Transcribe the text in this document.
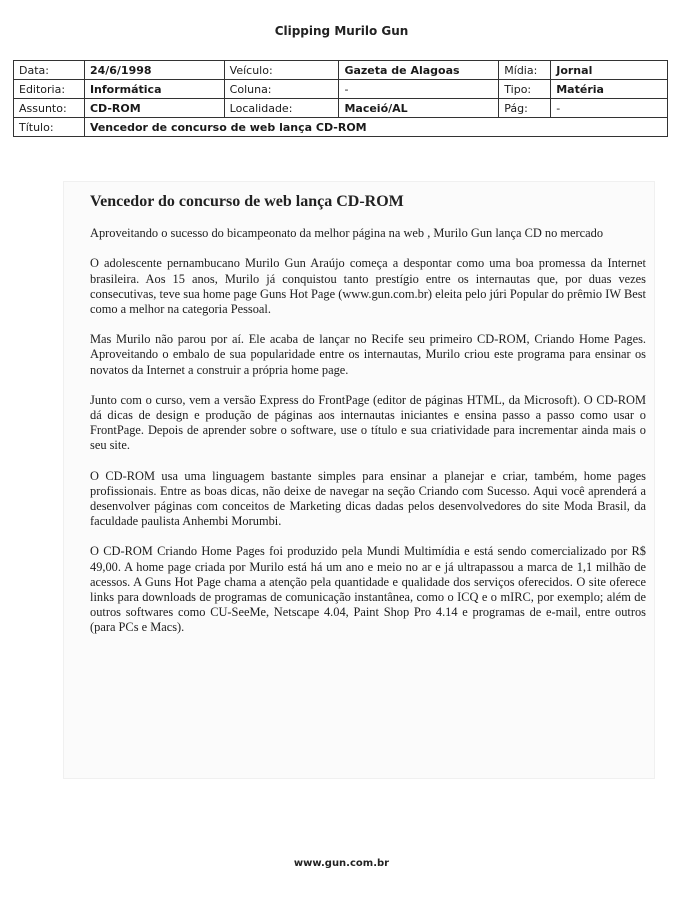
Clipping Murilo Gun
Data:	24/6/1998	Veículo:	Gazeta de Alagoas	Mídia:	Jornal
Editoria:	Informática	Coluna:	-	Tipo:	Matéria
Assunto:	CD-ROM	Localidade:	Maceió/AL	Pág:	-
Título:	Vencedor de concurso de web lança CD-ROM				
Vencedor do concurso de web lança CD-ROM

Aproveitando o sucesso do bicampeonato da melhor página na web , Murilo Gun lança CD no mercado

O adolescente pernambucano Murilo Gun Araújo começa a despontar como uma boa promessa da Internet brasileira. Aos 15 anos, Murilo já conquistou tanto prestígio entre os internautas que, por duas vezes consecutivas, teve sua home page Guns Hot Page (www.gun.com.br) eleita pelo júri Popular do prêmio IW Best como a melhor na categoria Pessoal.

Mas Murilo não parou por aí. Ele acaba de lançar no Recife seu primeiro CD-ROM, Criando Home Pages. Aproveitando o embalo de sua popularidade entre os internautas, Murilo criou este programa para ensinar os novatos da Internet a construir a própria home page.

Junto com o curso, vem a versão Express do FrontPage (editor de páginas HTML, da Microsoft). O CD-ROM dá dicas de design e produção de páginas aos internautas iniciantes e ensina passo a passo como usar o FrontPage. Depois de aprender sobre o software, use o título e sua criatividade para incrementar ainda mais o seu site.

O CD-ROM usa uma linguagem bastante simples para ensinar a planejar e criar, também, home pages profissionais. Entre as boas dicas, não deixe de navegar na seção Criando com Sucesso. Aqui você aprenderá a desenvolver páginas com conceitos de Marketing dicas dadas pelos desenvolvedores do site Moda Brasil, da faculdade paulista Anhembi Morumbi.

O CD-ROM Criando Home Pages foi produzido pela Mundi Multimídia e está sendo comercializado por R$ 49,00. A home page criada por Murilo está há um ano e meio no ar e já ultrapassou a marca de 1,1 milhão de acessos. A Guns Hot Page chama a atenção pela quantidade e qualidade dos serviços oferecidos. O site oferece links para downloads de programas de comunicação instantânea, como o ICQ e o mIRC, por exemplo; além de outros softwares como CU-SeeMe, Netscape 4.04, Paint Shop Pro 4.14 e programas de e-mail, entre outros (para PCs e Macs).

www.gun.com.br
